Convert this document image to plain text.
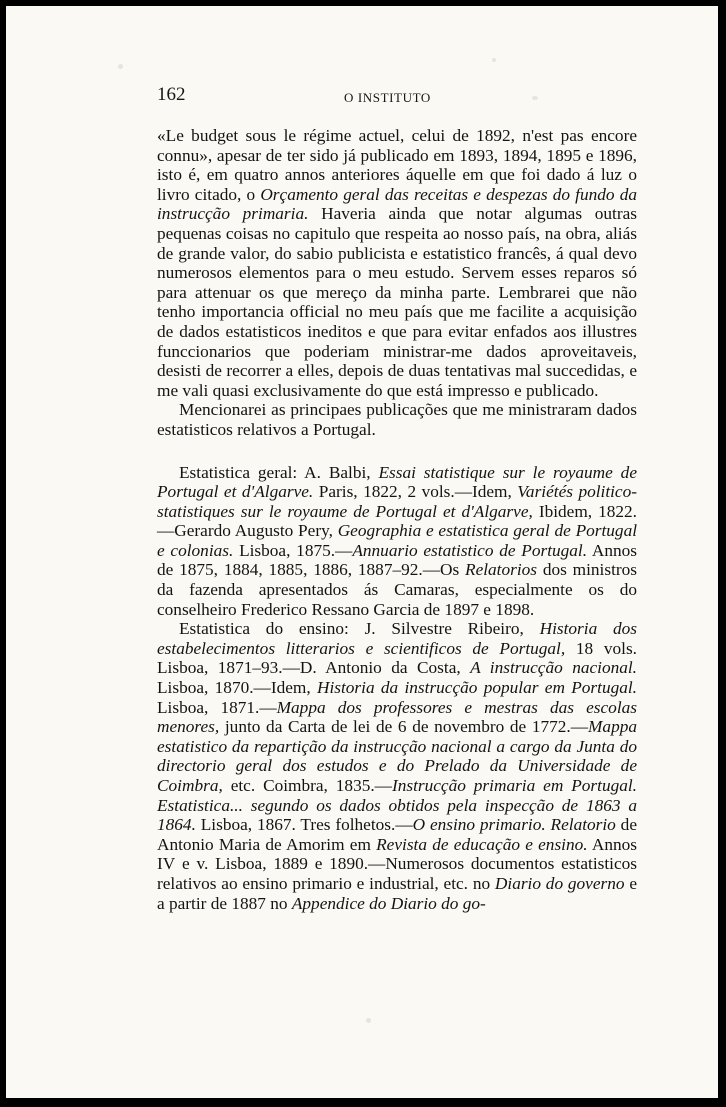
162	O INSTITUTO

«Le budget sous le régime actuel, celui de 1892, n'est pas encore connu», apesar de ter sido já publicado em 1893, 1894, 1895 e 1896, isto é, em quatro annos anteriores áquelle em que foi dado á luz o livro citado, o Orçamento geral das receitas e despezas do fundo da instrucção primaria. Haveria ainda que notar algumas outras pequenas coisas no capitulo que respeita ao nosso país, na obra, aliás de grande valor, do sabio publicista e estatistico francês, á qual devo numerosos elementos para o meu estudo. Servem esses reparos só para attenuar os que mereço da minha parte. Lembrarei que não tenho importancia official no meu país que me facilite a acquisição de dados estatisticos ineditos e que para evitar enfados aos illustres funccionarios que poderiam ministrar-me dados aproveitaveis, desisti de recorrer a elles, depois de duas tentativas mal succedidas, e me vali quasi exclusivamente do que está impresso e publicado.

Mencionarei as principaes publicações que me ministraram dados estatisticos relativos a Portugal.

Estatistica geral: A. Balbi, Essai statistique sur le royaume de Portugal et d'Algarve. Paris, 1822, 2 vols.—Idem, Variétés politico-statistiques sur le royaume de Portugal et d'Algarve, Ibidem, 1822.—Gerardo Augusto Pery, Geographia e estatistica geral de Portugal e colonias. Lisboa, 1875.—Annuario estatistico de Portugal. Annos de 1875, 1884, 1885, 1886, 1887–92.—Os Relatorios dos ministros da fazenda apresentados ás Camaras, especialmente os do conselheiro Frederico Ressano Garcia de 1897 e 1898.

Estatistica do ensino: J. Silvestre Ribeiro, Historia dos estabelecimentos litterarios e scientificos de Portugal, 18 vols. Lisboa, 1871–93.—D. Antonio da Costa, A instrucção nacional. Lisboa, 1870.—Idem, Historia da instrucção popular em Portugal. Lisboa, 1871.—Mappa dos professores e mestras das escolas menores, junto da Carta de lei de 6 de novembro de 1772.—Mappa estatistico da repartição da instrucção nacional a cargo da Junta do directorio geral dos estudos e do Prelado da Universidade de Coimbra, etc. Coimbra, 1835.—Instrucção primaria em Portugal. Estatistica... segundo os dados obtidos pela inspecção de 1863 a 1864. Lisboa, 1867. Tres folhetos.—O ensino primario. Relatorio de Antonio Maria de Amorim em Revista de educação e ensino. Annos IV e v. Lisboa, 1889 e 1890.—Numerosos documentos estatisticos relativos ao ensino primario e industrial, etc. no Diario do governo e a partir de 1887 no Appendice do Diario do go-
